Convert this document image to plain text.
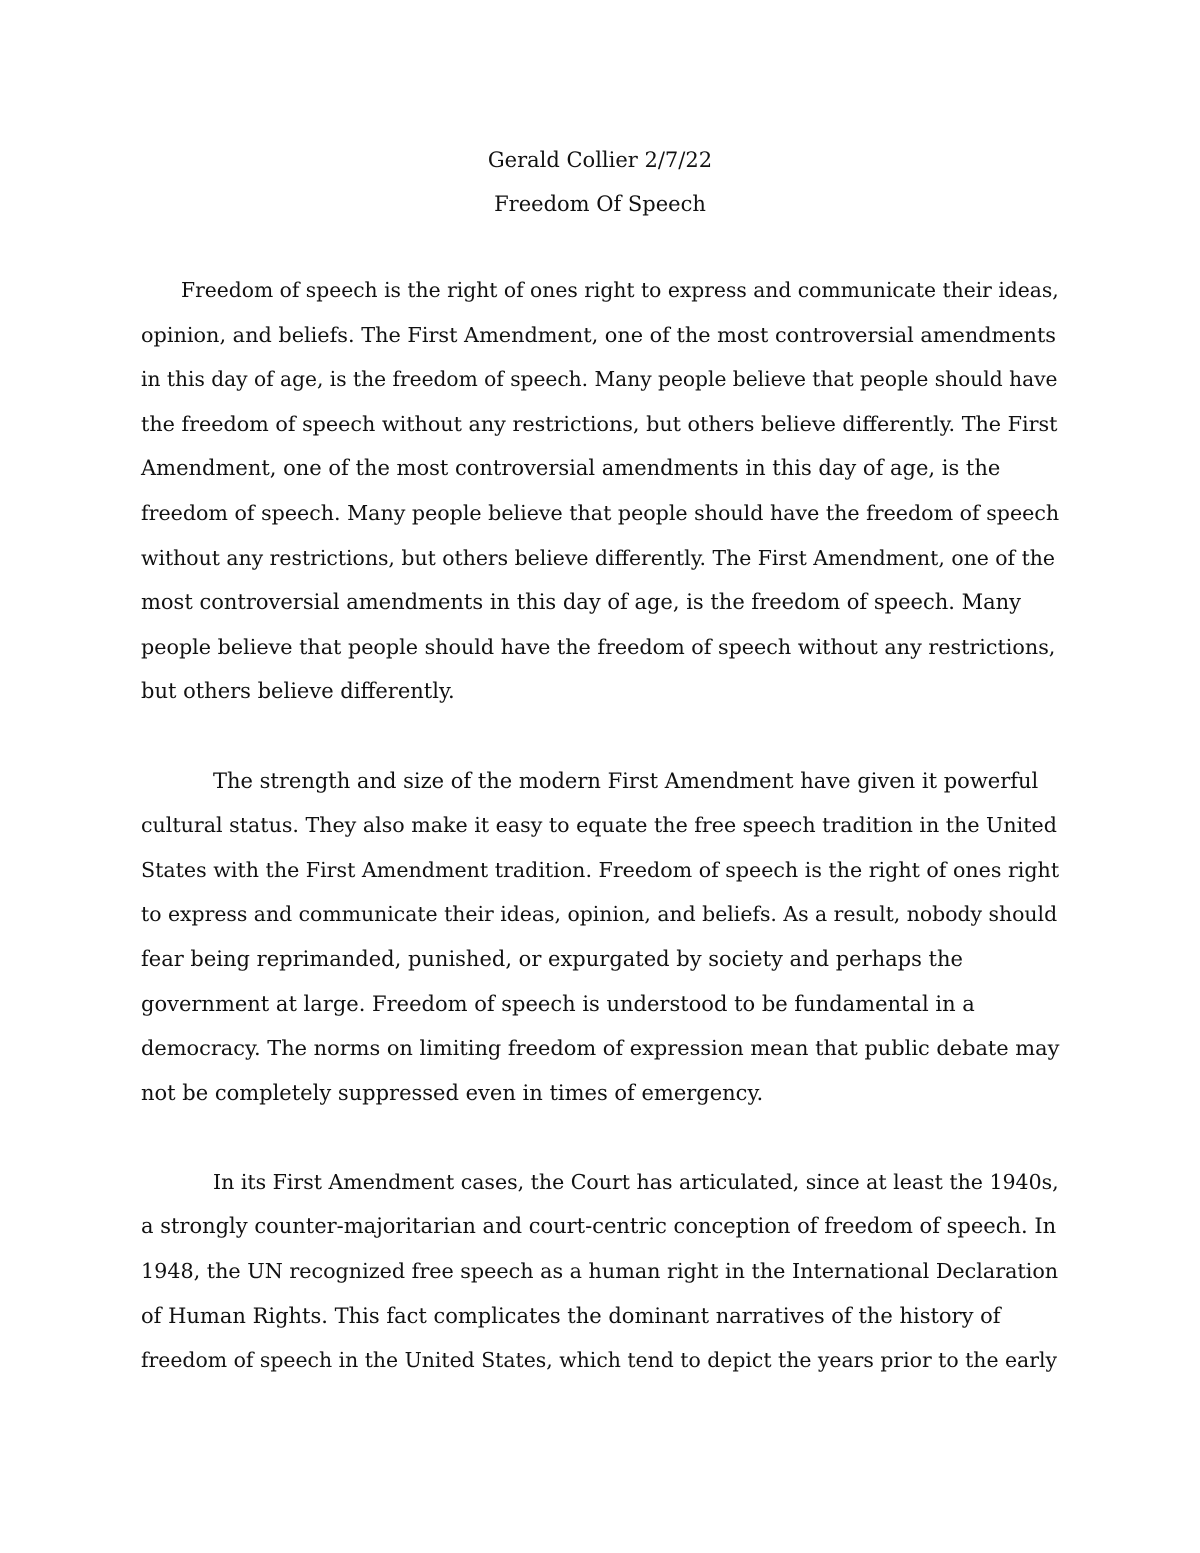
Gerald Collier 2/7/22

Freedom Of Speech

Freedom of speech is the right of ones right to express and communicate their ideas,
opinion, and beliefs. The First Amendment, one of the most controversial amendments
in this day of age, is the freedom of speech. Many people believe that people should have
the freedom of speech without any restrictions, but others believe differently. The First
Amendment, one of the most controversial amendments in this day of age, is the
freedom of speech. Many people believe that people should have the freedom of speech
without any restrictions, but others believe differently. The First Amendment, one of the
most controversial amendments in this day of age, is the freedom of speech. Many
people believe that people should have the freedom of speech without any restrictions,
but others believe differently.

The strength and size of the modern First Amendment have given it powerful
cultural status. They also make it easy to equate the free speech tradition in the United
States with the First Amendment tradition. Freedom of speech is the right of ones right
to express and communicate their ideas, opinion, and beliefs. As a result, nobody should
fear being reprimanded, punished, or expurgated by society and perhaps the
government at large. Freedom of speech is understood to be fundamental in a
democracy. The norms on limiting freedom of expression mean that public debate may
not be completely suppressed even in times of emergency.

In its First Amendment cases, the Court has articulated, since at least the 1940s,
a strongly counter-majoritarian and court-centric conception of freedom of speech. In
1948, the UN recognized free speech as a human right in the International Declaration
of Human Rights. This fact complicates the dominant narratives of the history of
freedom of speech in the United States, which tend to depict the years prior to the early
